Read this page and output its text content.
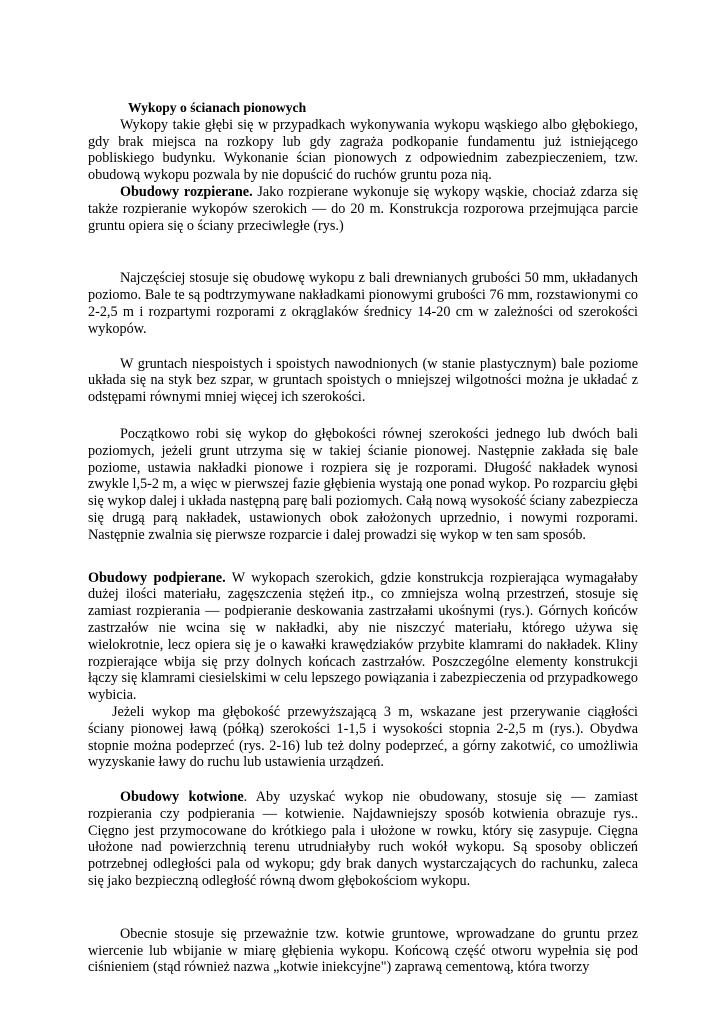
Wykopy o ścianach pionowych

Wykopy takie głębi się w przypadkach wykonywania wykopu wąskiego albo głębokiego, gdy brak miejsca na rozkopy lub gdy zagraża podkopanie fundamentu już istniejącego pobliskiego budynku. Wykonanie ścian pionowych z odpowiednim zabezpieczeniem, tzw. obudową wykopu pozwala by nie dopuścić do ruchów gruntu poza nią.

Obudowy rozpierane. Jako rozpierane wykonuje się wykopy wąskie, chociaż zdarza się także rozpieranie wykopów szerokich — do 20 m. Konstrukcja rozporowa przejmująca parcie gruntu opiera się o ściany przeciwległe (rys.)

Najczęściej stosuje się obudowę wykopu z bali drewnianych grubości 50 mm, układanych poziomo. Bale te są podtrzymywane nakładkami pionowymi grubości 76 mm, rozstawionymi co 2-2,5 m i rozpartymi rozporami z okrąglaków średnicy 14-20 cm w zależności od szerokości wykopów.

W gruntach niespoistych i spoistych nawodnionych (w stanie plastycznym) bale poziome układa się na styk bez szpar, w gruntach spoistych o mniejszej wilgotności można je układać z odstępami równymi mniej więcej ich szerokości.

Początkowo robi się wykop do głębokości równej szerokości jednego lub dwóch bali poziomych, jeżeli grunt utrzyma się w takiej ścianie pionowej. Następnie zakłada się bale poziome, ustawia nakładki pionowe i rozpiera się je rozporami. Długość nakładek wynosi zwykle l,5-2 m, a więc w pierwszej fazie głębienia wystają one ponad wykop. Po rozparciu głębi się wykop dalej i układa następną parę bali poziomych. Całą nową wysokość ściany zabezpiecza się drugą parą nakładek, ustawionych obok założonych uprzednio, i nowymi rozporami. Następnie zwalnia się pierwsze rozparcie i dalej prowadzi się wykop w ten sam sposób.

Obudowy podpierane. W wykopach szerokich, gdzie konstrukcja rozpierająca wymagałaby dużej ilości materiału, zagęszczenia stężeń itp., co zmniejsza wolną przestrzeń, stosuje się zamiast rozpierania — podpieranie deskowania zastrzałami ukośnymi (rys.). Górnych końców zastrzałów nie wcina się w nakładki, aby nie niszczyć materiału, którego używa się wielokrotnie, lecz opiera się je o kawałki krawędziaków przybite klamrami do nakładek. Kliny rozpierające wbija się przy dolnych końcach zastrzałów. Poszczególne elementy konstrukcji łączy się klamrami ciesielskimi w celu lepszego powiązania i zabezpieczenia od przypadkowego wybicia.

Jeżeli wykop ma głębokość przewyższającą 3 m, wskazane jest przerywanie ciągłości ściany pionowej ławą (półką) szerokości 1-1,5 i wysokości stopnia 2-2,5 m (rys.). Obydwa stopnie można podeprzeć (rys. 2-16) lub też dolny podeprzeć, a górny zakotwić, co umożliwia wyzyskanie ławy do ruchu lub ustawienia urządzeń.

Obudowy kotwione. Aby uzyskać wykop nie obudowany, stosuje się — zamiast rozpierania czy podpierania — kotwienie. Najdawniejszy sposób kotwienia obrazuje rys.. Cięgno jest przymocowane do krótkiego pala i ułożone w rowku, który się zasypuje. Cięgna ułożone nad powierzchnią terenu utrudniałyby ruch wokół wykopu. Są sposoby obliczeń potrzebnej odległości pala od wykopu; gdy brak danych wystarczających do rachunku, zaleca się jako bezpieczną odległość równą dwom głębokościom wykopu.

Obecnie stosuje się przeważnie tzw. kotwie gruntowe, wprowadzane do gruntu przez wiercenie lub wbijanie w miarę głębienia wykopu. Końcową część otworu wypełnia się pod ciśnieniem (stąd również nazwa „kotwie iniekcyjne") zaprawą cementową, która tworzy
